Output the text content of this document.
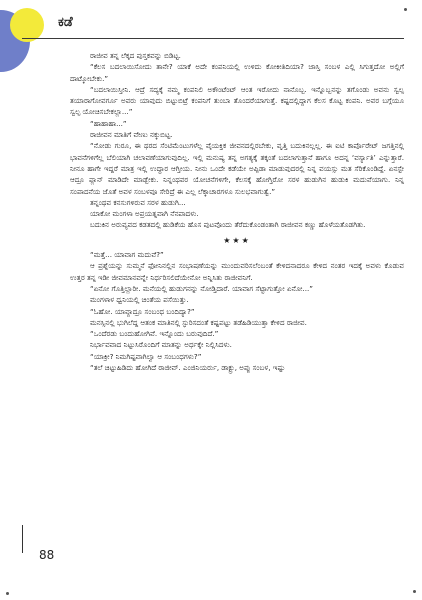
ಕಡೆ

ರಾಜೀವ ತನ್ನ ಲೆಕ್ಕದ ಪುಸ್ತಕವನ್ನು ಬಿಡಿಟ್ಟ.

“ಕೆಲಸ ಬದಲಾಯಿಸೋದು ತಾನೇ? ಯಾಕೆ ಅದೇ ಕಂಪನಿಯಲ್ಲಿ ಉಳಿದು ಕೋಕೀತಿದಿಯಾ? ಜಾಸ್ತಿ ಸಂಬಳ ಎಲ್ಲಿ ಸಿಗುತ್ತದೋ ಅಲ್ಲಿಗೆ ದಾಟ್ಕೋಬೇಕು.”

“ಬದಲಾಯಿಸ್ತೀನಿ. ಆದ್ರೆ ಸದ್ಯಕ್ಕೆ ನಮ್ಮ ಕಂಪನಿಲಿ ಅಕೌಂಟೆಂಟ್ ಆಂತ ಇರೋದು ನಾನೊಬ್ಬ. ಇನ್ನೊಬ್ಬನನ್ನು ತಗೊಂಡು ಅವನು ಸ್ವಲ್ಪ ತಯಾರಾಗೋವರ್ಗೂ ಅವರು ಯಾವುದು ಬಿಟ್ಟುಬಿಟ್ರೆ ಕಂಪನಿಗೆ ತುಂಬಾ ತೊಂದರೆಯಾಗುತ್ತೆ. ಕಷ್ಟದಲ್ಲಿದ್ದಾಗ ಕೆಲಸ ಕೊಟ್ಟ ಕಂಪನಿ. ಅವರ ಬಗ್ಗೆಯೂ ಸ್ವಲ್ಪ ಯೋಚಿಸಬೇಕಲ್ಲಾ...”

“ಹಾಹಾಹಾ...”

ರಾಜೀವನ ಮಾತಿಗೆ ವೇಣು ನಕ್ಕುಬಿಟ್ಟ.

“ನೋಡು ಗುರೂ, ಈ ಥರದ ಸೆಂಟಿಮೆಂಟುಗಳೆಲ್ಲ ವೈಯಕ್ತಿಕ ಜೀವನದಲ್ಲಿರಬೇಕು, ವೃತ್ತಿ ಬದುಕಿನಲ್ಲಲ್ಲ. ಈ ಐಟಿ ಕಾರ್ಪೊರೇಟ್ ಜಗತ್ತಿನಲ್ಲಿ ಭಾವನೆಗಳಿಗೆಲ್ಲ ಬೆಲಿಯಾಗಿ ಚಲಾವಣೆಯಾಗುವುದಿಲ್ಲ. ಇಲ್ಲಿ ಮನುಷ್ಯ ತನ್ನ ಅಗತ್ಯಕ್ಕೆ ತಕ್ಕಂತೆ ಬದಲಾಗುತ್ತಾನೆ ಹಾಗೂ ಅದನ್ನ ‘ವರ್ಸ್ಯಾತಿ’ ಎನ್ನುತ್ತಾರೆ. ನೀನೂ ಹಾಗೇ ಇದ್ದರೆ ಮಾತ್ರ ಇಲ್ಲಿ ಉದ್ಧಾರ ಆಗ್ತೀಯ. ನೀನು ಒಂದೇ ಕಡೆಯೇ ಅಪ್ಪಿಡಾ ಮಾಡುವುದರಲ್ಲಿ ನಿನ್ನ ವಯಸ್ಸು ಮತ ಸೆರಿಕೊಂಡಿದ್ದೆ. ಏನಸ್ಟೇ ಆದ್ರೂ ಪ್ಲಾನ್ ಮಾಡಿದೇ ಮಾಡ್ಬೇಕು. ನಿನ್ನಂಥವರ ಯೋಚನೆಗಳಿಗೇ, ಕೆಲಸಕ್ಕೆ ಹೋಗ್ತಿರೋ ಸರಳ ಹುಡುಗಿನ ಹುಡುಕಿ ಮದುವೆಯಾಗು. ನಿನ್ನ ಸಂಪಾದನೆಯ ಜೊತೆ ಅವಳ ಸಂಬಳವೂ ಸೇರಿದ್ರೆ ಈ ಎಲ್ಲ ಲೆಕ್ಕಾಚಾರಗಳೂ ಸುಲಭವಾಗುತ್ವೆ.”

ತನ್ನಂಥವ ಕನಸುಗಳಿರುವ ಸರಳ ಹುಡುಗಿ...

ಯಾಕೋ ಮಂಗಳಾ ಅಪ್ರಯತ್ನವಾಗಿ ನೆನಪಾದಳು.

ಬದುಕಿನ ಅರುವ್ಯವದ ಕಡತದಲ್ಲಿ ಹುಡಿಕೆಯ ಹೊಸ ಪುಟವೊಂದು ತೆರೆದುಕೊಂಡಂತಾಗಿ ರಾಜೀವನ ಕಣ್ಣು ಹೊಳೆಯತೊಡಗಿತು.

★★★

“ಮತ್ತೆ... ಯಾವಾಗ ಮದುವೆ?”

ಆ ಪ್ರಶ್ನೆಯನ್ನು ಸುಮ್ಮನೆ ಫೋನಿನಲ್ಲಿನ ಸಂಭಾಷಣೆಯನ್ನು ಮುಂದುವರಿಸಲೆಂಬಂತೆ ಕೇಳಿದನಾದರೂ ಕೇಳಿದ ನಂತರ ಇದಕ್ಕೆ ಅವಳು ಕೊಡುವ ಉತ್ತರ ತನ್ನ ಇಡೀ ಜೀವಮಾನವನ್ನೇ ನಿರ್ಧರಿಸಲಿದೆಯೇನೋ ಅನ್ನಿಸಿತು ರಾಜೀವನಿಗೆ.

“ಏನೋ ಗೊತ್ತಿಲ್ಲಾರೀ. ಮನೆಯಲ್ಲಿ ಹುಡುಗನನ್ನು ನೋಡ್ತಿದಾರೆ. ಯಾವಾಗ ಸೆಟ್ಟಾಗುತ್ತೋ ಏನೋ...”

ಮಂಗಳಾಳ ಧ್ವನಿಯಲ್ಲಿ ಚಿಂತೆಯ ಪಸೆಯಿತ್ತು.

“ಓಹೋ. ಯಾವ್ದಾದ್ರೂ ಸಂಬಂಧ ಬಂದಿದ್ಯಾ?”

ಮನಸ್ಸಿನಲ್ಲಿ ಭುಗಿಲೆದ್ದ ಆತಂಕ ಮಾತಿನಲ್ಲಿ ಸ್ಫುರಿಸದಂತೆ ಕಷ್ಟಪಟ್ಟು ತಡೆಹಿಡಿಯುತ್ತಾ ಕೇಳಿದ ರಾಜೀವ.

“ಒಂದೆರಡು ಬಂದುಹೋಗಿವೆ. ಇನ್ನೊಂದು ಬರುವುದಿದೆ.”

ನಿರ್ಭಾವವಾದ ನಿಟ್ಟುಸಿರೊಂದಿಗೆ ಮಾತನ್ನು ಅರ್ಧಕ್ಕೇ ನಿಲ್ಲಿಸಿದಳು.

“ಯಾಕ್ರೀ? ನಿಮಗಿಷ್ಟವಾಗಿಲ್ವಾ ಆ ಸಂಬಂಧಗಳು?”

“ತಲೆ ಚಿಟ್ಟುಹಿಡಿದು ಹೋಗಿದೆ ರಾಜೀವ್. ಎಂಜಿನಿಯರ್ರು, ಡಾಕ್ಟ್ರು, ಅಪ್ಪು ಸಂಬಳ, ಇಷ್ಟು

88
